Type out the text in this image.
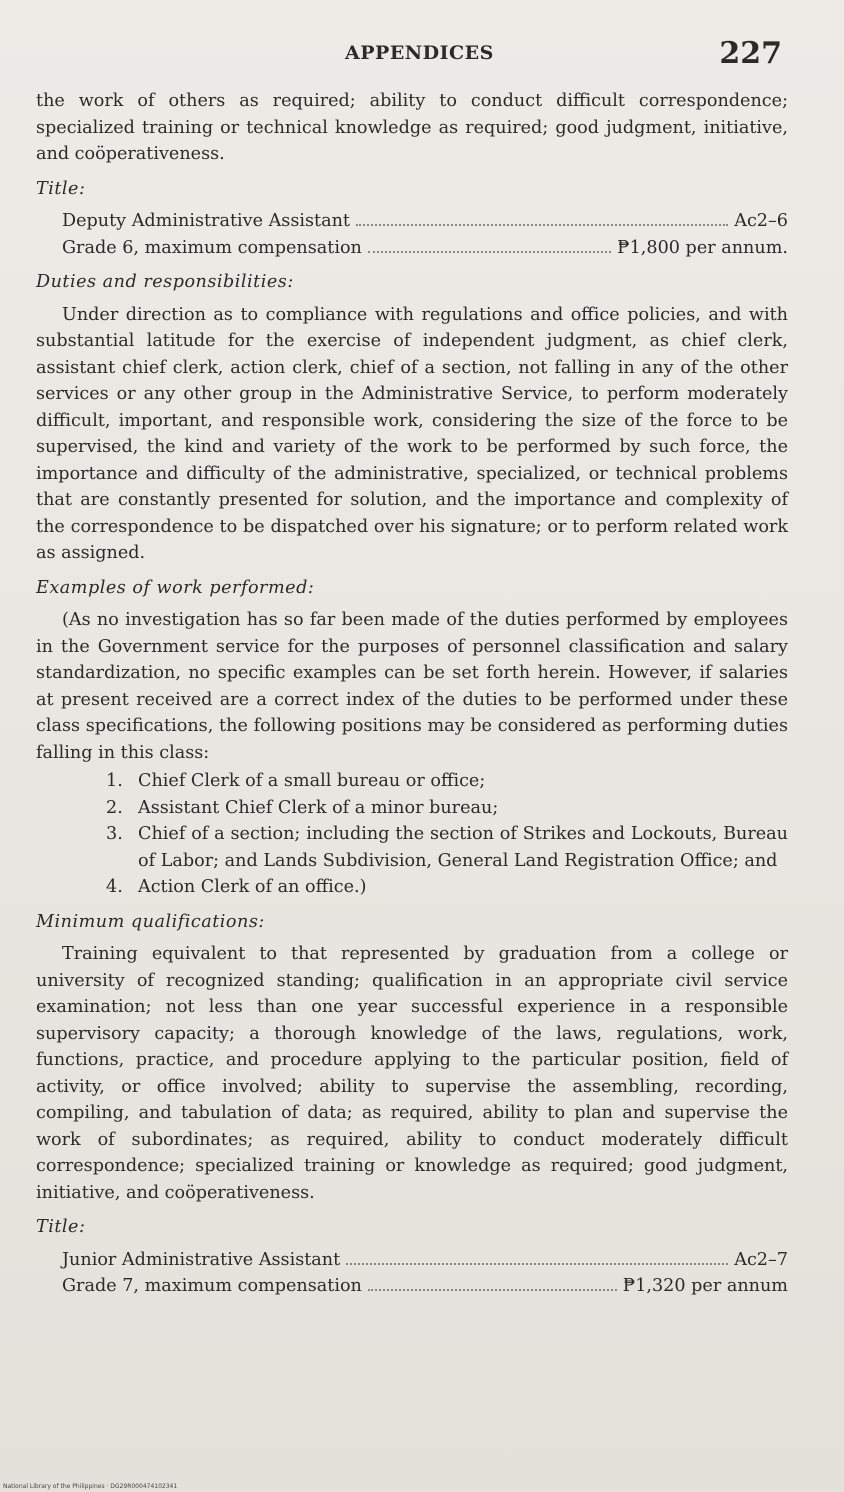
APPENDICES	227

the work of others as required; ability to conduct difficult correspondence; specialized training or technical knowledge as required; good judgment, initiative, and coöperativeness.

Title:
Deputy Administrative Assistant	Ac2–6
Grade 6, maximum compensation	₱1,800 per annum.
Duties and responsibilities:

Under direction as to compliance with regulations and office policies, and with substantial latitude for the exercise of independent judgment, as chief clerk, assistant chief clerk, action clerk, chief of a section, not falling in any of the other services or any other group in the Administrative Service, to perform moderately difficult, important, and responsible work, considering the size of the force to be supervised, the kind and variety of the work to be performed by such force, the importance and difficulty of the administrative, specialized, or technical problems that are constantly presented for solution, and the importance and complexity of the correspondence to be dispatched over his signature; or to perform related work as assigned.

Examples of work performed:

(As no investigation has so far been made of the duties performed by employees in the Government service for the purposes of personnel classification and salary standardization, no specific examples can be set forth herein. However, if salaries at present received are a correct index of the duties to be performed under these class specifications, the following positions may be considered as performing duties falling in this class:

1. Chief Clerk of a small bureau or office;
2. Assistant Chief Clerk of a minor bureau;
3. Chief of a section; including the section of Strikes and Lockouts, Bureau of Labor; and Lands Subdivision, General Land Registration Office; and
4. Action Clerk of an office.)
Minimum qualifications:

Training equivalent to that represented by graduation from a college or university of recognized standing; qualification in an appropriate civil service examination; not less than one year successful experience in a responsible supervisory capacity; a thorough knowledge of the laws, regulations, work, functions, practice, and procedure applying to the particular position, field of activity, or office involved; ability to supervise the assembling, recording, compiling, and tabulation of data; as required, ability to plan and supervise the work of subordinates; as required, ability to conduct moderately difficult correspondence; specialized training or knowledge as required; good judgment, initiative, and coöperativeness.

Title:
Junior Administrative Assistant	Ac2–7
Grade 7, maximum compensation	₱1,320 per annum
National Library of the Philippines · DG29R000474102341
